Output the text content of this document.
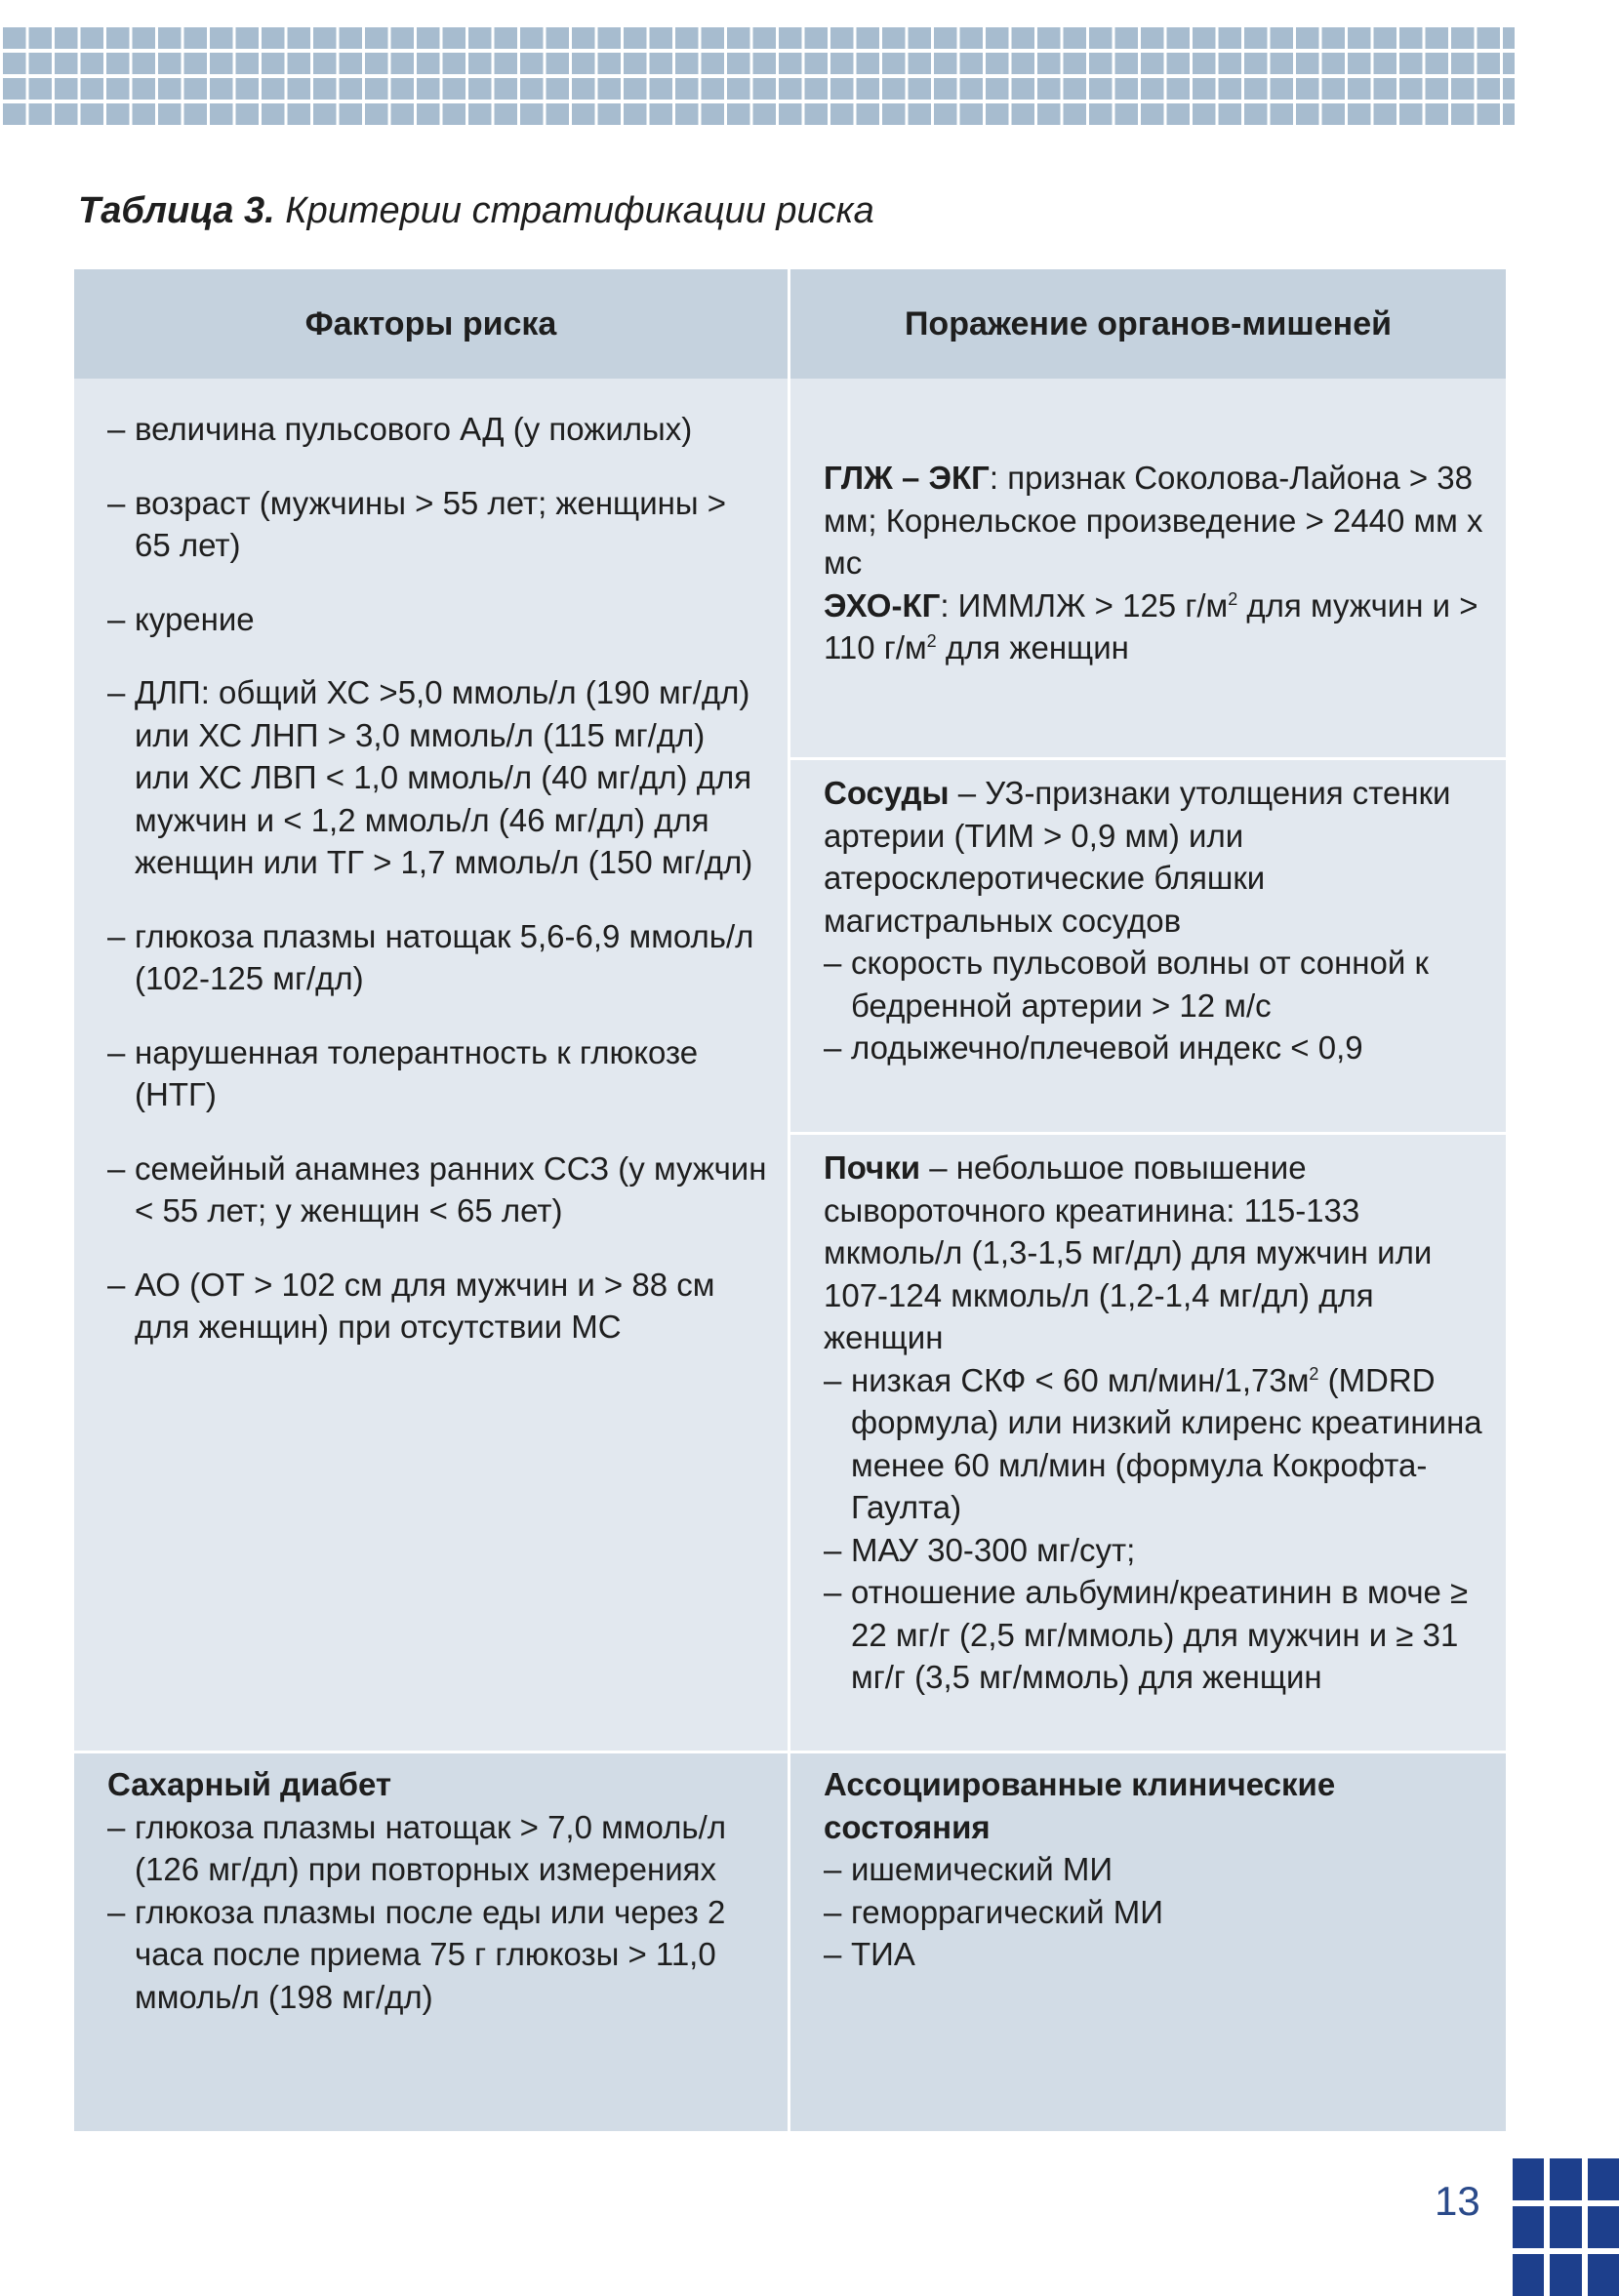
Таблица 3. Критерии стратификации риска
Факторы риска	Поражение органов-мишеней
– величина пульсового АД (у пожилых)
– возраст (мужчины > 55 лет; женщины > 65 лет)
– курение
– ДЛП: общий ХС >5,0 ммоль/л (190 мг/дл) или ХС ЛНП > 3,0 ммоль/л (115 мг/дл) или ХС ЛВП < 1,0 ммоль/л (40 мг/дл) для мужчин и < 1,2 ммоль/л (46 мг/дл) для женщин или ТГ > 1,7 ммоль/л (150 мг/дл)
– глюкоза плазмы натощак 5,6-6,9 ммоль/л (102-125 мг/дл)
– нарушенная толерантность к глюкозе (НТГ)
– семейный анамнез ранних ССЗ (у мужчин < 55 лет; у женщин < 65 лет)
– АО (ОТ > 102 см для мужчин и > 88 см для женщин) при отсутствии МС
ГЛЖ – ЭКГ: признак Соколова-Лайона > 38 мм; Корнельское произведение > 2440 мм х мс
ЭХО-КГ: ИММЛЖ > 125 $г/м^2$ для мужчин и > 110 $г/м^2$ для женщин
Сосуды – УЗ-признаки утолщения стенки артерии (ТИМ > 0,9 мм) или атеросклеротические бляшки магистральных сосудов
– скорость пульсовой волны от сонной к бедренной артерии > 12 м/с
– лодыжечно/плечевой индекс < 0,9
Почки – небольшое повышение сывороточного креатинина: 115-133 мкмоль/л (1,3-1,5 мг/дл) для мужчин или 107-124 мкмоль/л (1,2-1,4 мг/дл) для женщин
– низкая СКФ < 60 $мл/мин/1,73м^2$ (MDRD формула) или низкий клиренс креатинина менее 60 мл/мин (формула Кокрофта-Гаулта)
– МАУ 30-300 мг/сут;
– отношение альбумин/креатинин в моче ≥ 22 мг/г (2,5 мг/ммоль) для мужчин и ≥ 31 мг/г (3,5 мг/ммоль) для женщин
Сахарный диабет
– глюкоза плазмы натощак > 7,0 ммоль/л (126 мг/дл) при повторных измерениях
– глюкоза плазмы после еды или через 2 часа после приема 75 г глюкозы > 11,0 ммоль/л (198 мг/дл)
Ассоциированные клинические состояния
– ишемический МИ
– геморрагический МИ
– ТИА
13
